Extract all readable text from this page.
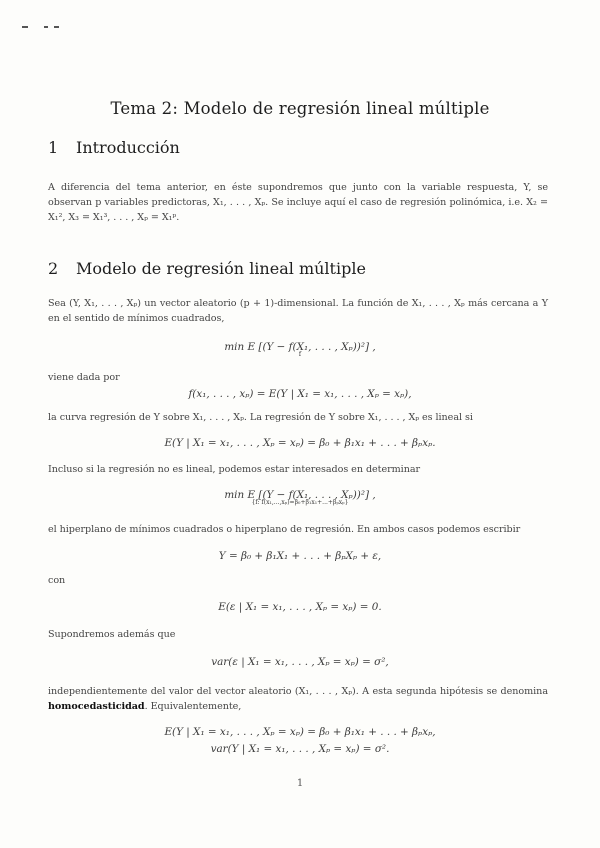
Tema 2: Modelo de regresión lineal múltiple
1 Introducción

A diferencia del tema anterior, en éste supondremos que junto con la variable respuesta, Y, se observan p variables predictoras, X₁, . . . , Xₚ. Se incluye aquí el caso de regresión polinómica, i.e. X₂ = X₁², X₃ = X₁³, . . . , Xₚ = X₁ᵖ.

2 Modelo de regresión lineal múltiple

Sea (Y, X₁, . . . , Xₚ) un vector aleatorio (p + 1)-dimensional. La función de X₁, . . . , Xₚ más cercana a Y en el sentido de mínimos cuadrados,

min E [(Y − f(X₁, . . . , Xₚ))²] ,
f

viene dada por

f(x₁, . . . , xₚ) = E(Y | X₁ = x₁, . . . , Xₚ = xₚ),

la curva regresión de Y sobre X₁, . . . , Xₚ. La regresión de Y sobre X₁, . . . , Xₚ es lineal si

E(Y | X₁ = x₁, . . . , Xₚ = xₚ) = β₀ + β₁x₁ + . . . + βₚxₚ.

Incluso si la regresión no es lineal, podemos estar interesados en determinar

min E [(Y − f(X₁, . . . , Xₚ))²] ,
{f: f(x₁,...,xₚ)=β₀+β₁x₁+...+βₚxₚ}

el hiperplano de mínimos cuadrados o hiperplano de regresión. En ambos casos podemos escribir

Y = β₀ + β₁X₁ + . . . + βₚXₚ + ε,

con

E(ε | X₁ = x₁, . . . , Xₚ = xₚ) = 0.

Supondremos además que

var(ε | X₁ = x₁, . . . , Xₚ = xₚ) = σ²,

independientemente del valor del vector aleatorio (X₁, . . . , Xₚ). A esta segunda hipótesis se denomina homocedasticidad. Equivalentemente,

E(Y | X₁ = x₁, . . . , Xₚ = xₚ) = β₀ + β₁x₁ + . . . + βₚxₚ,
var(Y | X₁ = x₁, . . . , Xₚ = xₚ) = σ².
1
